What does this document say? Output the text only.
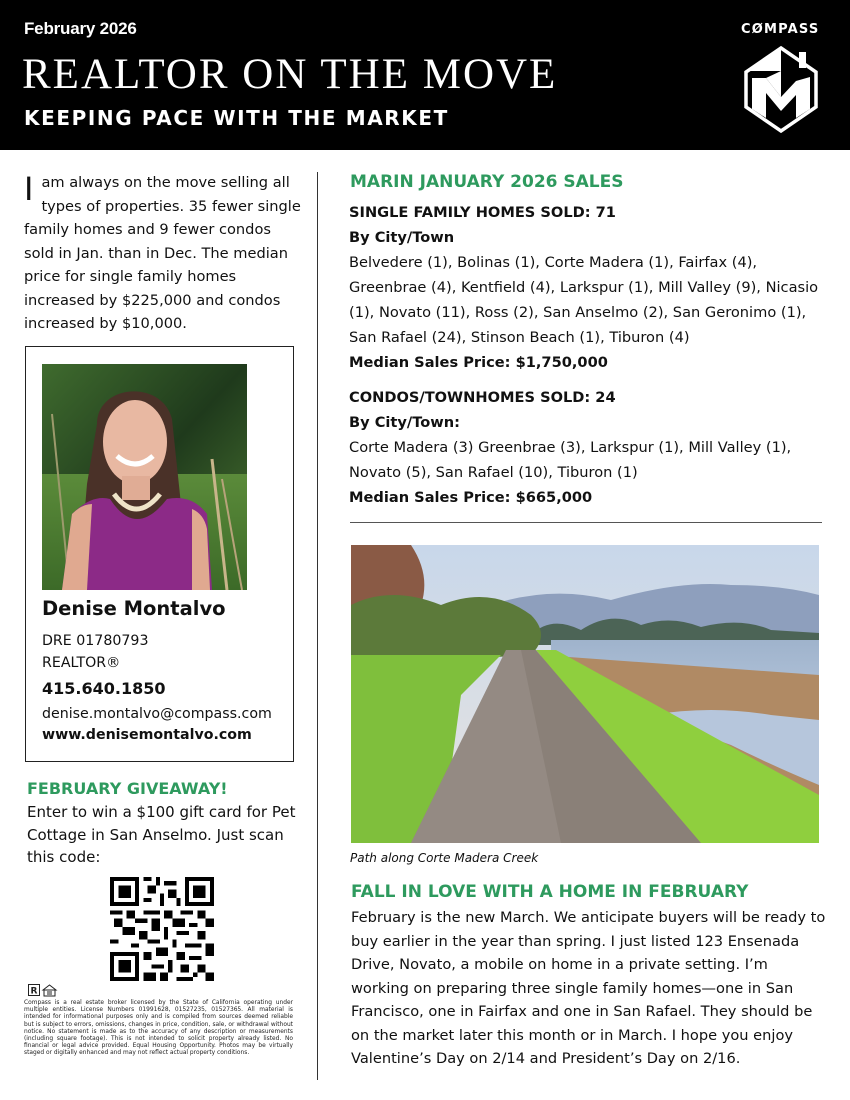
February 2026
REALTOR ON THE MOVE
KEEPING PACE WITH THE MARKET
CØMPASS
I am always on the move selling all types of properties. 35 fewer single family homes and 9 fewer condos sold in Jan. than in Dec. The median price for single family homes increased by $225,000 and condos increased by $10,000.
Denise Montalvo
DRE 01780793
REALTOR®
415.640.1850
denise.montalvo@compass.com
www.denisemontalvo.com
FEBRUARY GIVEAWAY!
Enter to win a $100 gift card for Pet Cottage in San Anselmo. Just scan this code:
R
Compass is a real estate broker licensed by the State of California operating under multiple entities. License Numbers 01991628, 01527235, 01527365. All material is intended for informational purposes only and is compiled from sources deemed reliable but is subject to errors, omissions, changes in price, condition, sale, or withdrawal without notice. No statement is made as to the accuracy of any description or measurements (including square footage). This is not intended to solicit property already listed. No financial or legal advice provided. Equal Housing Opportunity. Photos may be virtually staged or digitally enhanced and may not reflect actual property conditions.
MARIN JANUARY 2026 SALES
SINGLE FAMILY HOMES SOLD: 71
By City/Town
Belvedere (1), Bolinas (1), Corte Madera (1), Fairfax (4), Greenbrae (4), Kentfield (4), Larkspur (1), Mill Valley (9), Nicasio (1), Novato (11), Ross (2), San Anselmo (2), San Geronimo (1), San Rafael (24), Stinson Beach (1), Tiburon (4)
Median Sales Price: $1,750,000
CONDOS/TOWNHOMES SOLD: 24
By City/Town:
Corte Madera (3) Greenbrae (3), Larkspur (1), Mill Valley (1), Novato (5), San Rafael (10), Tiburon (1)
Median Sales Price: $665,000
Path along Corte Madera Creek
FALL IN LOVE WITH A HOME IN FEBRUARY
February is the new March. We anticipate buyers will be ready to buy earlier in the year than spring. I just listed 123 Ensenada Drive, Novato, a mobile on home in a private setting. I’m working on preparing three single family homes—one in San Francisco, one in Fairfax and one in San Rafael. They should be on the market later this month or in March. I hope you enjoy Valentine’s Day on 2/14 and President’s Day on 2/16.
